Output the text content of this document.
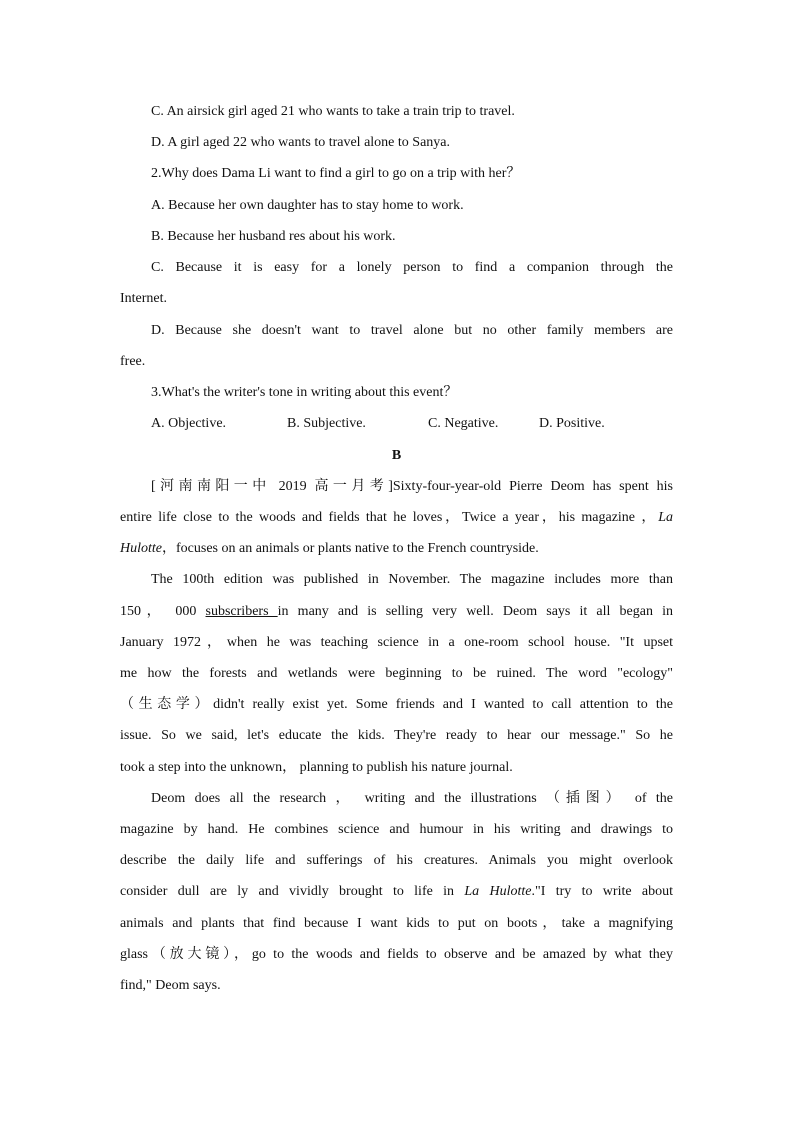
C. An airsick girl aged 21 who wants to take a train trip to travel.
D. A girl aged 22 who wants to travel alone to Sanya.
2.Why does Dama Li want to find a girl to go on a trip with her？
A. Because her own daughter has to stay home to work.
B. Because her husband res about his work.
C. Because it is easy for a lonely person to find a companion through the
Internet.
D. Because she doesn't want to travel alone but no other family members are
free.
3.What's the writer's tone in writing about this event？
A. Objective.	B. Subjective.	C. Negative.	D. Positive.
B
[河南南阳一中 2019 高一月考]Sixty-four-year-old Pierre Deom has spent his
entire life close to the woods and fields that he loves，Twice a year，his magazine ，La
Hulotte，focuses on an animals or plants native to the French countryside.
The 100th edition was published in November. The magazine includes more than
150， 000 subscribers in many and is selling very well. Deom says it all began in
January 1972，when he was teaching science in a one-room school house. "It upset
me how the forests and wetlands were beginning to be ruined. The word "ecology"
（生态学）didn't really exist yet. Some friends and I wanted to call attention to the
issue. So we said, let's educate the kids. They're ready to hear our message." So he
took a step into the unknown， planning to publish his nature journal.
Deom does all the research ， writing and the illustrations （插图） of the
magazine by hand. He combines science and humour in his writing and drawings to
describe the daily life and sufferings of his creatures. Animals you might overlook
consider dull are ly and vividly brought to life in La Hulotte."I try to write about
animals and plants that find because I want kids to put on boots，take a magnifying
glass（放大镜），go to the woods and fields to observe and be amazed by what they
find," Deom says.
